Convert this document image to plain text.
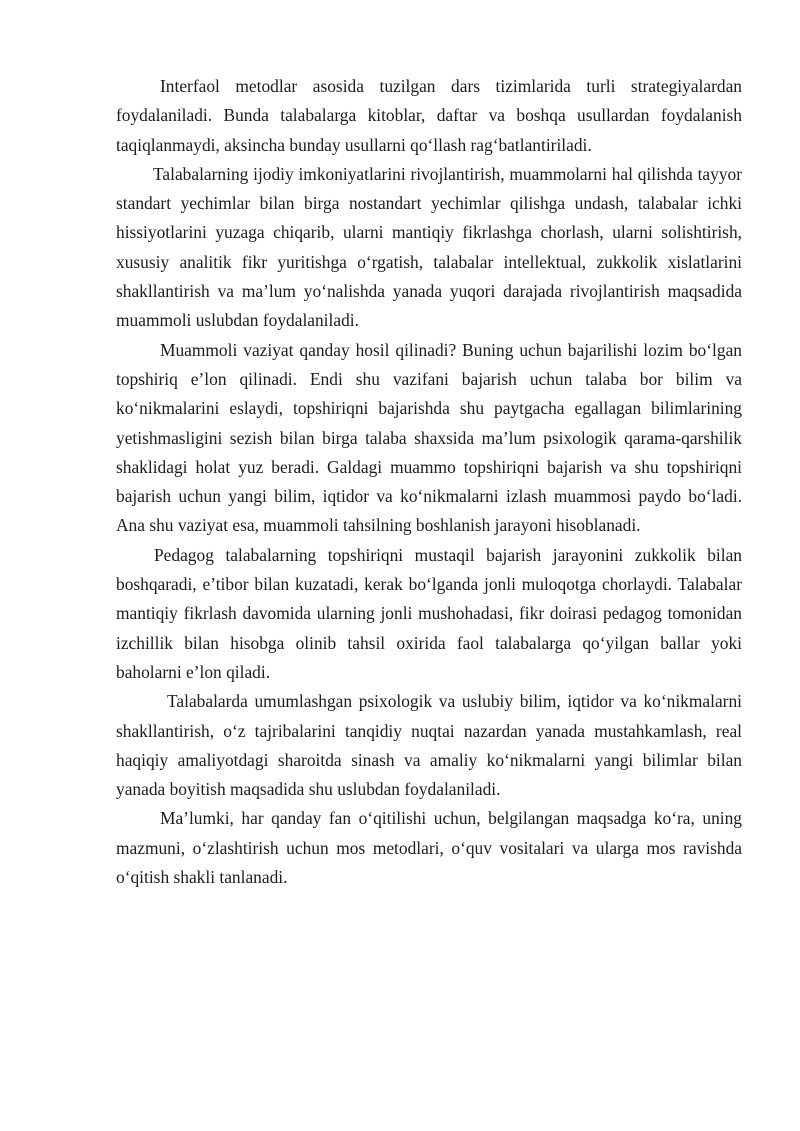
Interfaol metodlar asosida tuzilgan dars tizimlarida turli strategiyalardan foydalaniladi. Bunda talabalarga kitoblar, daftar va boshqa usullardan foydalanish taqiqlanmaydi, aksincha bunday usullarni qo‘llash rag‘batlantiriladi.

Talabalarning ijodiy imkoniyatlarini rivojlantirish, muammolarni hal qilishda tayyor standart yechimlar bilan birga nostandart yechimlar qilishga undash, talabalar ichki hissiyotlarini yuzaga chiqarib, ularni mantiqiy fikrlashga chorlash, ularni solishtirish, xususiy analitik fikr yuritishga o‘rgatish, talabalar intellektual, zukkolik xislatlarini shakllantirish va ma’lum yo‘nalishda yanada yuqori darajada rivojlantirish maqsadida muammoli uslubdan foydalaniladi.

Muammoli vaziyat qanday hosil qilinadi? Buning uchun bajarilishi lozim bo‘lgan topshiriq e’lon qilinadi. Endi shu vazifani bajarish uchun talaba bor bilim va ko‘nikmalarini eslaydi, topshiriqni bajarishda shu paytgacha egallagan bilimlarining yetishmasligini sezish bilan birga talaba shaxsida ma’lum psixologik qarama-qarshilik shaklidagi holat yuz beradi. Galdagi muammo topshiriqni bajarish va shu topshiriqni bajarish uchun yangi bilim, iqtidor va ko‘nikmalarni izlash muammosi paydo bo‘ladi. Ana shu vaziyat esa, muammoli tahsilning boshlanish jarayoni hisoblanadi.

Pedagog talabalarning topshiriqni mustaqil bajarish jarayonini zukkolik bilan boshqaradi, e’tibor bilan kuzatadi, kerak bo‘lganda jonli muloqotga chorlaydi. Talabalar mantiqiy fikrlash davomida ularning jonli mushohadasi, fikr doirasi pedagog tomonidan izchillik bilan hisobga olinib tahsil oxirida faol talabalarga qo‘yilgan ballar yoki baholarni e’lon qiladi.

Talabalarda umumlashgan psixologik va uslubiy bilim, iqtidor va ko‘nikmalarni shakllantirish, o‘z tajribalarini tanqidiy nuqtai nazardan yanada mustahkamlash, real haqiqiy amaliyotdagi sharoitda sinash va amaliy ko‘nikmalarni yangi bilimlar bilan yanada boyitish maqsadida shu uslubdan foydalaniladi.

Ma’lumki, har qanday fan o‘qitilishi uchun, belgilangan maqsadga ko‘ra, uning mazmuni, o‘zlashtirish uchun mos metodlari, o‘quv vositalari va ularga mos ravishda o‘qitish shakli tanlanadi.
